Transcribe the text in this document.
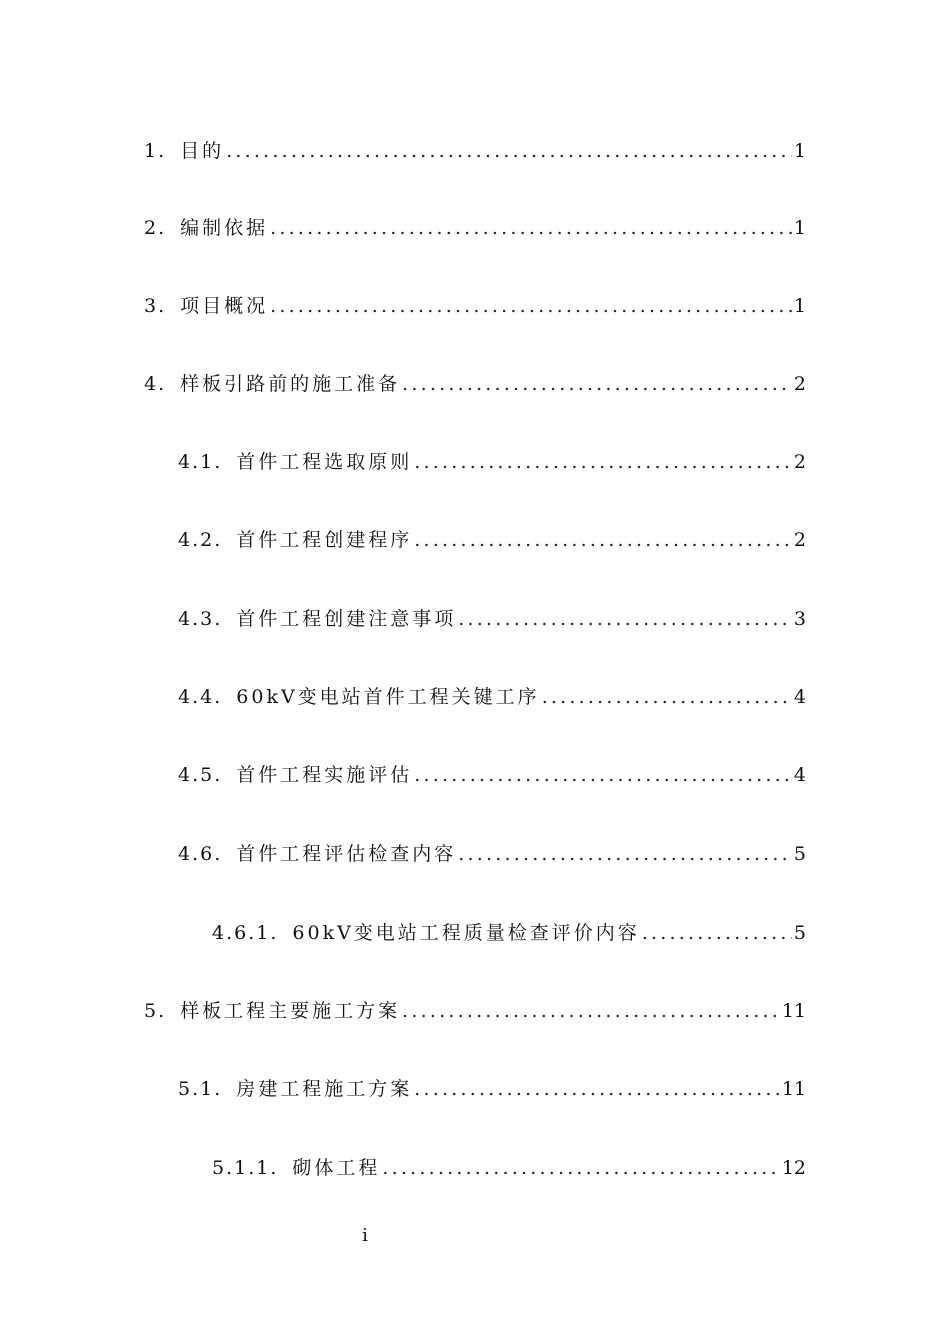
1. 目的 .....	1
2. 编制依据 .....	1
3. 项目概况 .....	1
4. 样板引路前的施工准备 .....	2
4.1. 首件工程选取原则 .....	2
4.2. 首件工程创建程序 .....	2
4.3. 首件工程创建注意事项 .....	3
4.4. 60kV变电站首件工程关键工序 .....	4
4.5. 首件工程实施评估 .....	4
4.6. 首件工程评估检查内容 .....	5
4.6.1. 60kV变电站工程质量检查评价内容 .....	5
5. 样板工程主要施工方案 .....	11
5.1. 房建工程施工方案 .....	11
5.1.1. 砌体工程 .....	12
i
